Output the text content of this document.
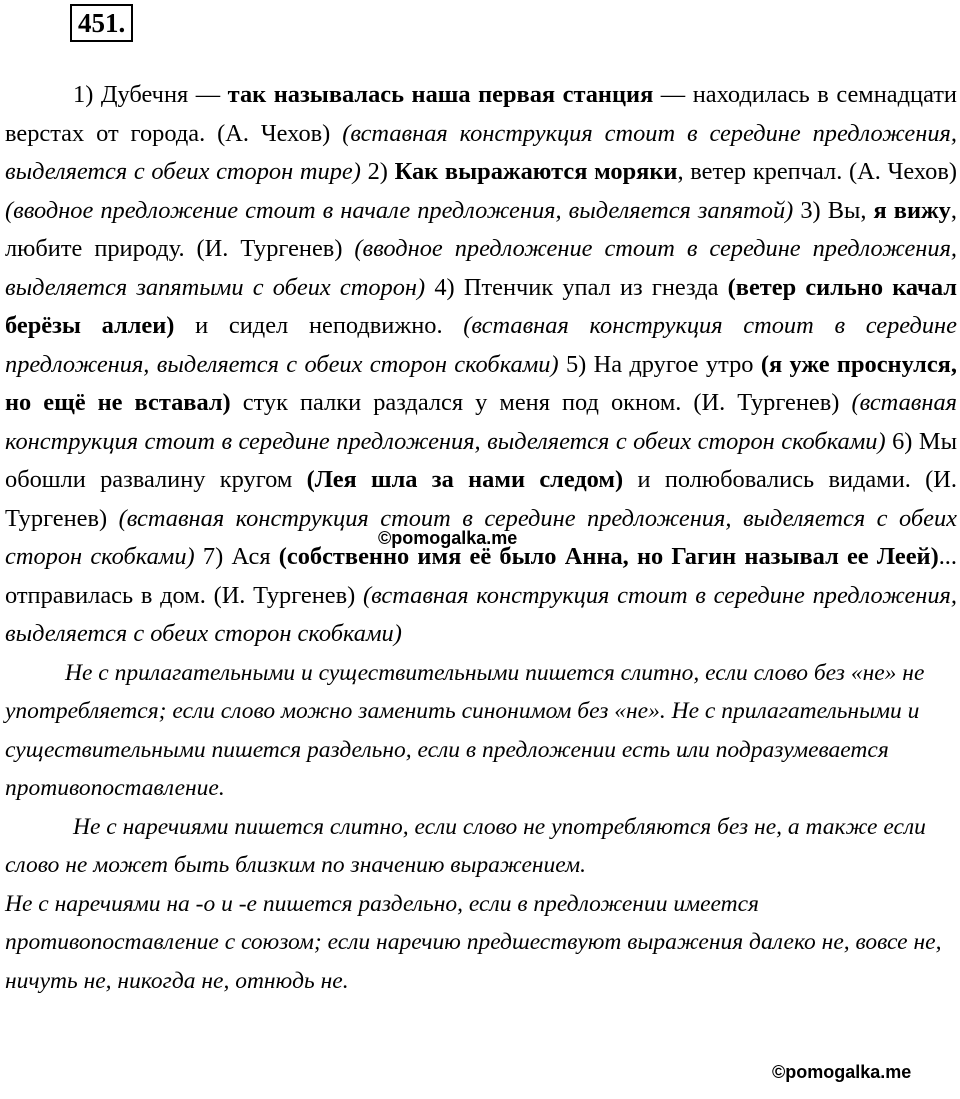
451.

1) Дубечня — так называлась наша первая станция — находилась в семнадцати верстах от города. (А. Чехов) (вставная конструкция стоит в середине предложения, выделяется с обеих сторон тире) 2) Как выражаются моряки, ветер крепчал. (А. Чехов) (вводное предложение стоит в начале предложения, выделяется запятой) 3) Вы, я вижу, любите природу. (И. Тургенев) (вводное предложение стоит в середине предложения, выделяется запятыми с обеих сторон) 4) Птенчик упал из гнезда (ветер сильно качал берёзы аллеи) и сидел неподвижно. (вставная конструкция стоит в середине предложения, выделяется с обеих сторон скобками) 5) На другое утро (я уже проснулся, но ещё не вставал) стук палки раздался у меня под окном. (И. Тургенев) (вставная конструкция стоит в середине предложения, выделяется с обеих сторон скобками) 6) Мы обошли развалину кругом (Лея шла за нами следом) и полюбовались видами. (И. Тургенев) (вставная конструкция стоит в середине предложения, выделяется с обеих сторон скобками) 7) Ася (собственно имя её было Анна, но Гагин называл ее Леей)... отправилась в дом. (И. Тургенев) (вставная конструкция стоит в середине предложения, выделяется с обеих сторон скобками)

Не с прилагательными и существительными пишется слитно, если слово без «не» не употребляется; если слово можно заменить синонимом без «не». Не с прилагательными и существительными пишется раздельно, если в предложении есть или подразумевается противопоставление.

Не с наречиями пишется слитно, если слово не употребляются без не, а также если слово не может быть близким по значению выражением.

Не с наречиями на -о и -е пишется раздельно, если в предложении имеется противопоставление с союзом; если наречию предшествуют выражения далеко не, вовсе не, ничуть не, никогда не, отнюдь не.

©pomogalka.me
©pomogalka.me
